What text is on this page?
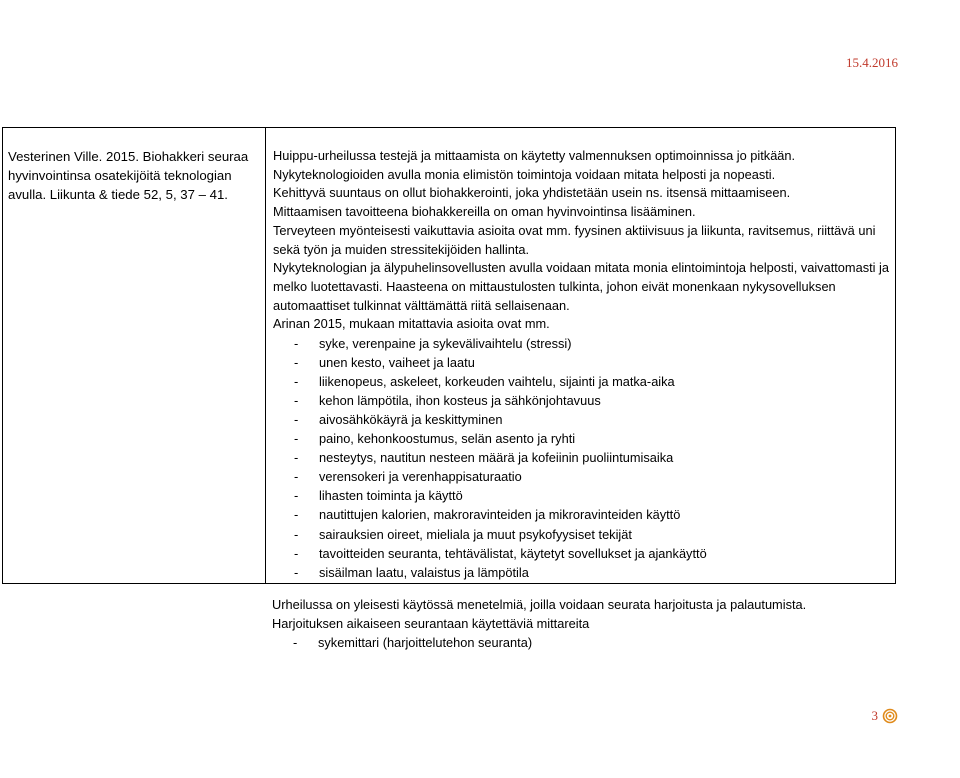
15.4.2016
Vesterinen Ville. 2015. Biohakkeri seuraa hyvinvointinsa osatekijöitä teknologian avulla. Liikunta & tiede 52, 5, 37 – 41.

Huippu-urheilussa testejä ja mittaamista on käytetty valmennuksen optimoinnissa jo pitkään.

Nykyteknologioiden avulla monia elimistön toimintoja voidaan mitata helposti ja nopeasti.

Kehittyvä suuntaus on ollut biohakkerointi, joka yhdistetään usein ns. itsensä mittaamiseen.

Mittaamisen tavoitteena biohakkereilla on oman hyvinvointinsa lisääminen.

Terveyteen myönteisesti vaikuttavia asioita ovat mm. fyysinen aktiivisuus ja liikunta, ravitsemus, riittävä uni sekä työn ja muiden stressitekijöiden hallinta.

Nykyteknologian ja älypuhelinsovellusten avulla voidaan mitata monia elintoimintoja helposti, vaivattomasti ja melko luotettavasti. Haasteena on mittaustulosten tulkinta, johon eivät monenkaan nykysovelluksen automaattiset tulkinnat välttämättä riitä sellaisenaan.

Arinan 2015, mukaan mitattavia asioita ovat mm.

- syke, verenpaine ja sykevälivaihtelu (stressi)
- unen kesto, vaiheet ja laatu
- liikenopeus, askeleet, korkeuden vaihtelu, sijainti ja matka-aika
- kehon lämpötila, ihon kosteus ja sähkönjohtavuus
- aivosähkökäyrä ja keskittyminen
- paino, kehonkoostumus, selän asento ja ryhti
- nesteytys, nautitun nesteen määrä ja kofeiinin puoliintumisaika
- verensokeri ja verenhappisaturaatio
- lihasten toiminta ja käyttö
- nautittujen kalorien, makroravinteiden ja mikroravinteiden käyttö
- sairauksien oireet, mieliala ja muut psykofyysiset tekijät
- tavoitteiden seuranta, tehtävälistat, käytetyt sovellukset ja ajankäyttö
- sisäilman laatu, valaistus ja lämpötila

Urheilussa on yleisesti käytössä menetelmiä, joilla voidaan seurata harjoitusta ja palautumista.

Harjoituksen aikaiseen seurantaan käytettäviä mittareita

- sykemittari (harjoittelutehon seuranta)
3
